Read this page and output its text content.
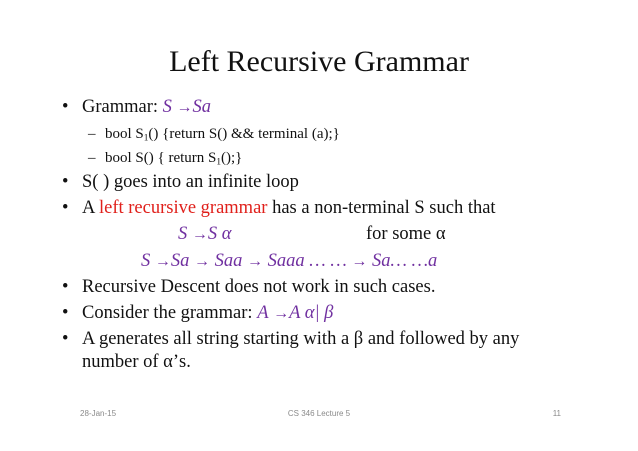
Left Recursive Grammar
• Grammar: S →Sa
– bool $S_1()$ {return S() && terminal (a);}
– bool S() { return $S_1()$;}
• S( ) goes into an infinite loop
• A left recursive grammar has a non-terminal S such that
S →S α	for some α
S →Sa → Saa → Saaa … … → Sa… …a
• Recursive Descent does not work in such cases.
• Consider the grammar: A →A α| β
• A generates all string starting with a β and followed by any
number of α’s.
28-Jan-15	CS 346 Lecture 5	11
